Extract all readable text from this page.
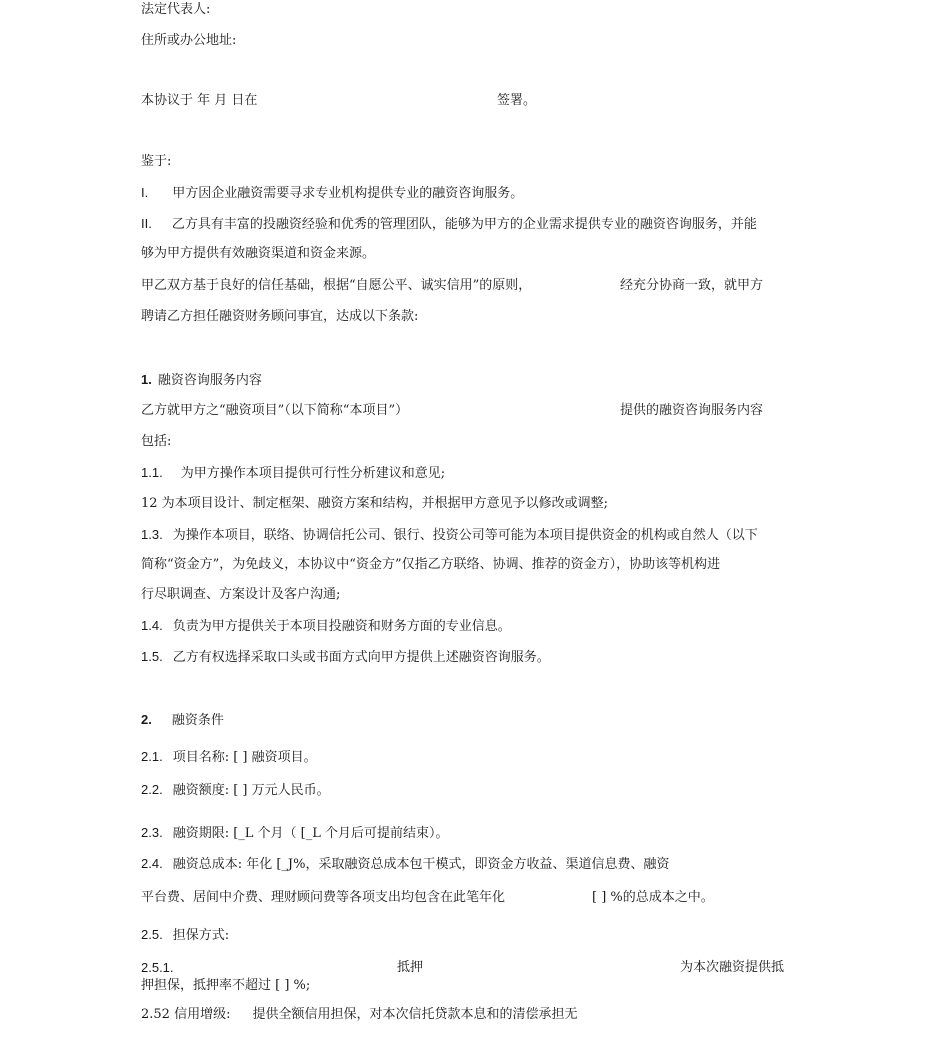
法定代表人:
住所或办公地址:
本协议于 年 月 日在	签署。
鉴于:
I. 甲方因企业融资需要寻求专业机构提供专业的融资咨询服务。
II. 乙方具有丰富的投融资经验和优秀的管理团队，能够为甲方的企业需求提供专业的融资咨询服务，并能
够为甲方提供有效融资渠道和资金来源。
甲乙双方基于良好的信任基础，根据“自愿公平、诚实信用”的原则，	经充分协商一致，就甲方
聘请乙方担任融资财务顾问事宜，达成以下条款:
1. 融资咨询服务内容
乙方就甲方之“融资项目”（以下简称“本项目”）	提供的融资咨询服务内容
包括:
1.1. 为甲方操作本项目提供可行性分析建议和意见;
12 为本项目设计、制定框架、融资方案和结构，并根据甲方意见予以修改或调整;
1.3. 为操作本项目，联络、协调信托公司、银行、投资公司等可能为本项目提供资金的机构或自然人（以下
简称“资金方”，为免歧义，本协议中“资金方”仅指乙方联络、协调、推荐的资金方），协助该等机构进
行尽职调查、方案设计及客户沟通;
1.4. 负责为甲方提供关于本项目投融资和财务方面的专业信息。
1.5. 乙方有权选择采取口头或书面方式向甲方提供上述融资咨询服务。
2. 融资条件
2.1. 项目名称: [ ] 融资项目。
2.2. 融资额度: [ ] 万元人民币。
2.3. 融资期限: [_L 个月（ [_L 个月后可提前结束）。
2.4. 融资总成本: 年化 [_J%，采取融资总成本包干模式，即资金方收益、渠道信息费、融资
平台费、居间中介费、理财顾问费等各项支出均包含在此笔年化	[ ] %的总成本之中。
2.5. 担保方式:
2.5.1.	抵押	为本次融资提供抵
押担保，抵押率不超过 [ ] %;
2.52 信用增级: 提供全额信用担保，对本次信托贷款本息和的清偿承担无
